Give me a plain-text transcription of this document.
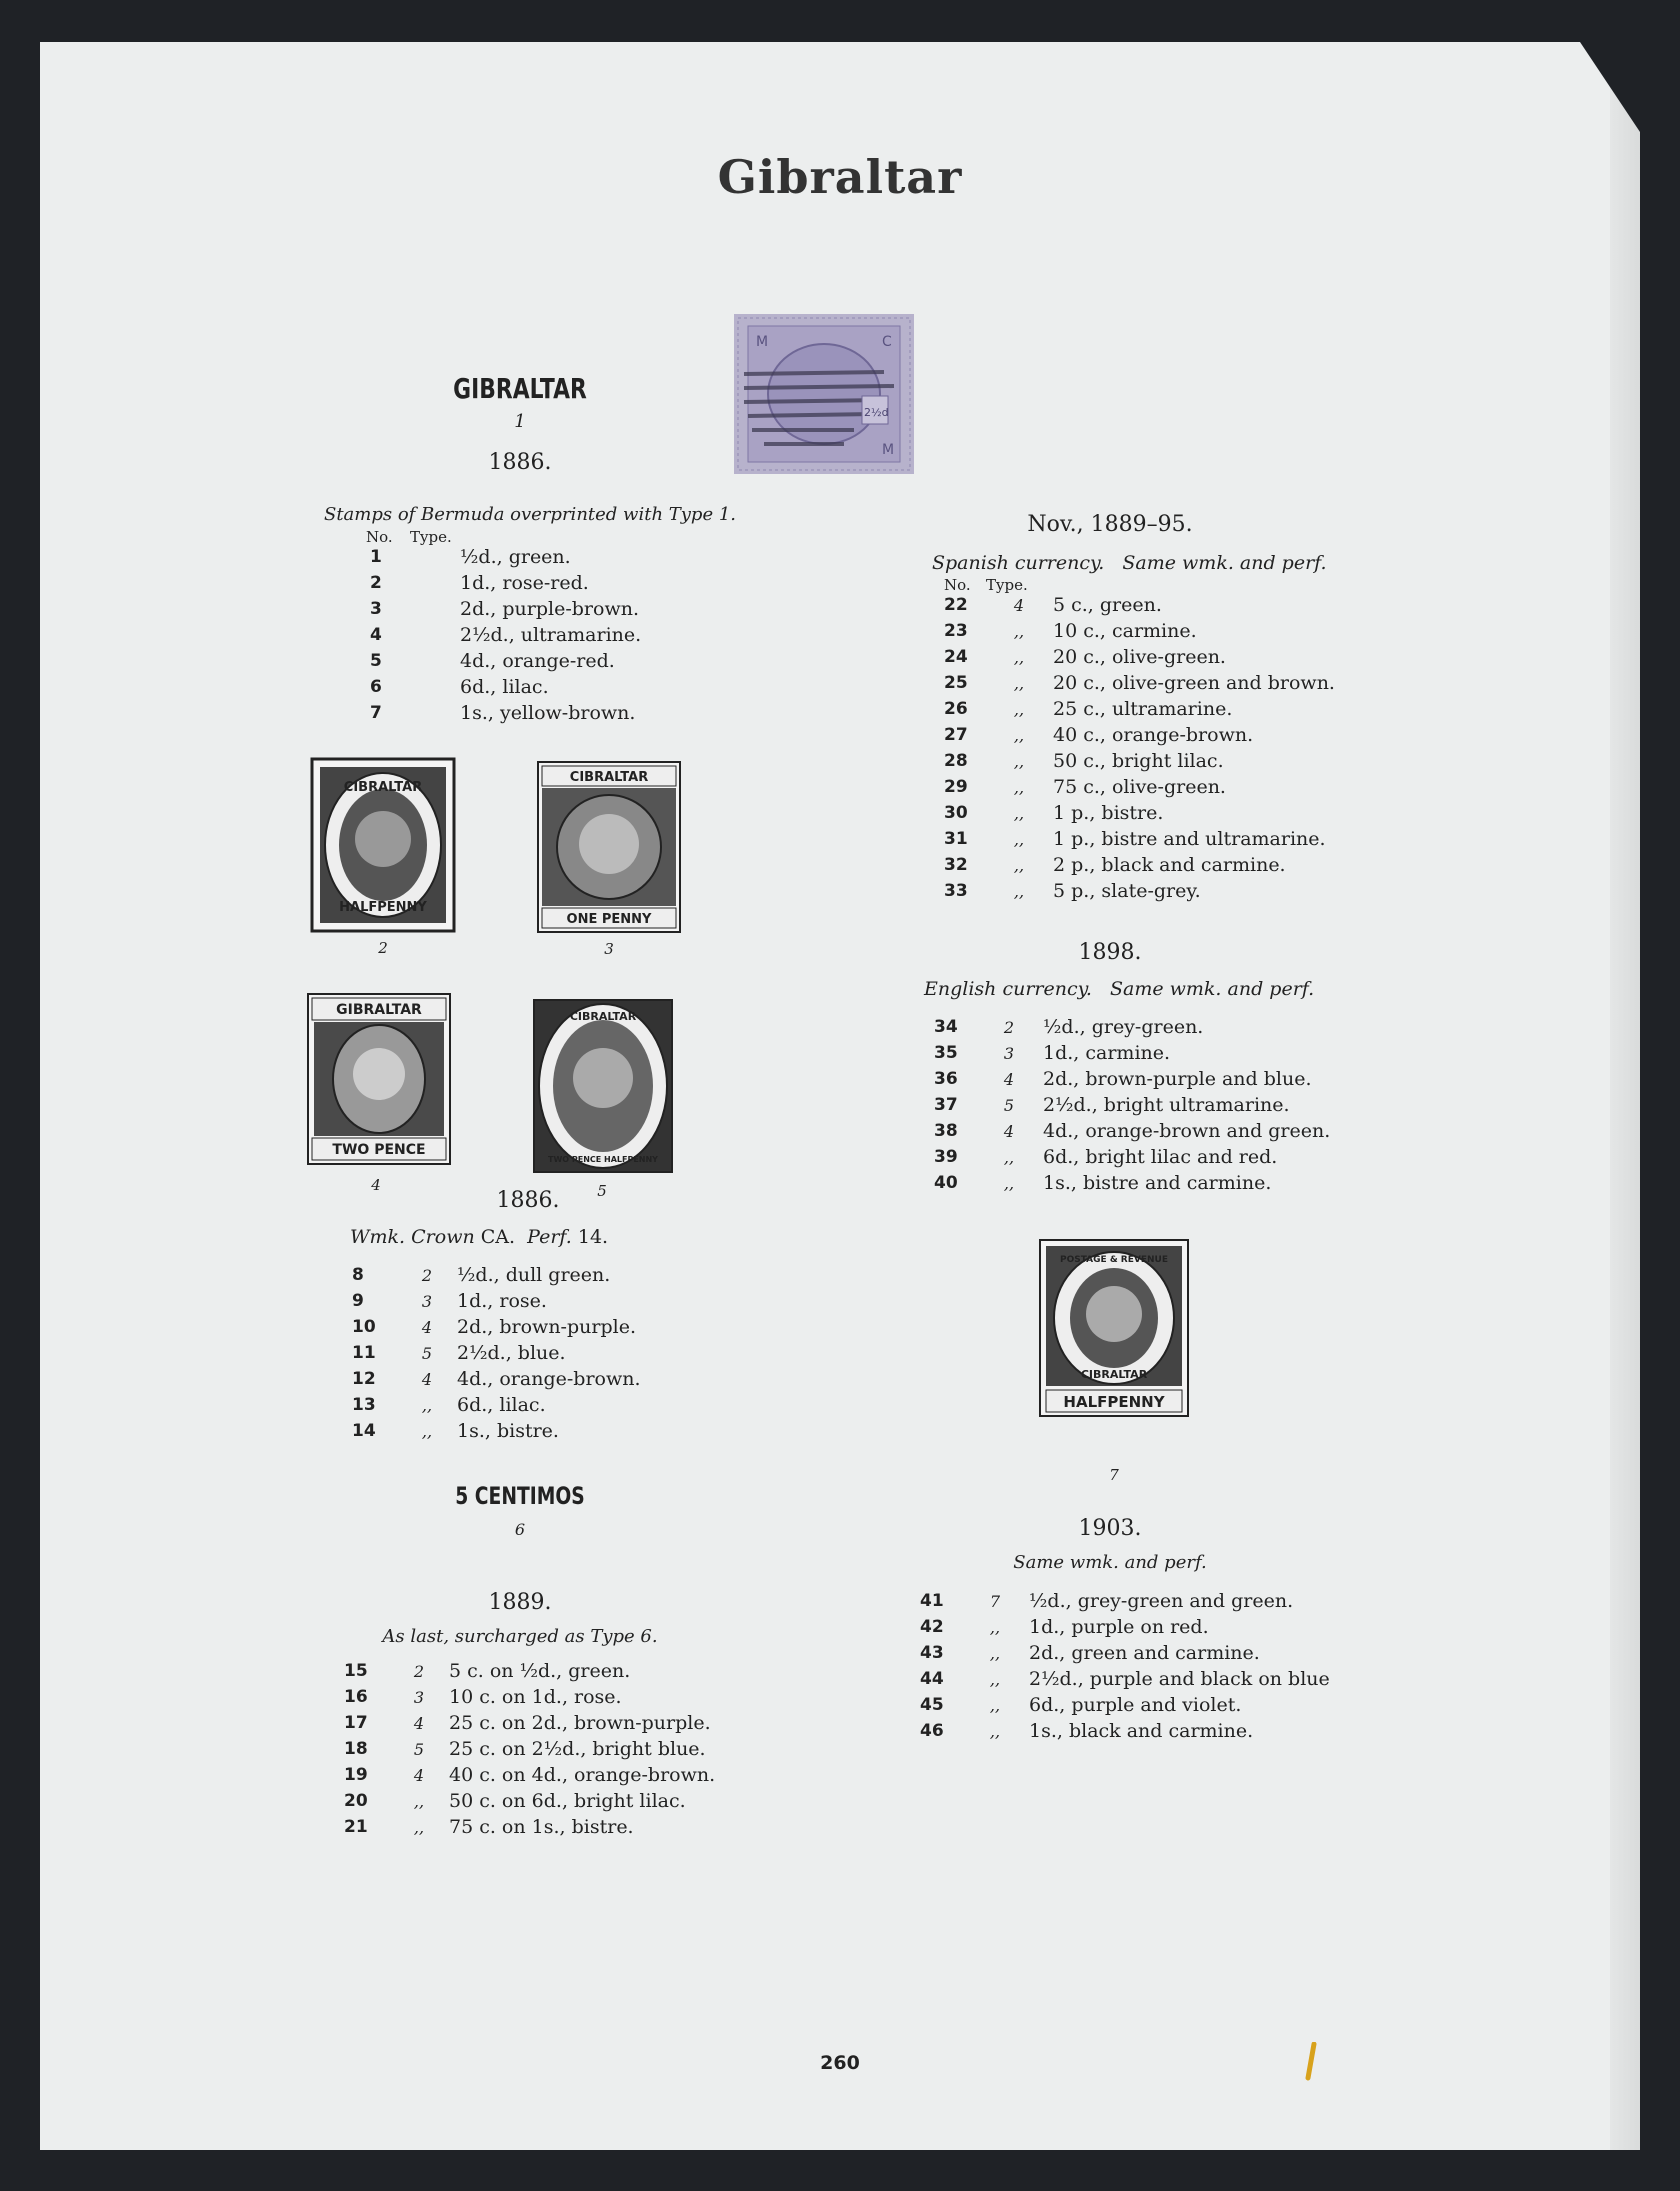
Gibraltar
M	C
M
2½d
GIBRALTAR
1
1886.
Stamps of Bermuda overprinted with Type 1.
No. Type.
1	½d., green.
2	1d., rose-red.
3	2d., purple-brown.
4	2½d., ultramarine.
5	4d., orange-red.
6	6d., lilac.
7	1s., yellow-brown.
CIBRALTAR
HALFPENNY
2
CIBRALTAR
ONE PENNY
3
GIBRALTAR
TWO PENCE
4
CIBRALTAR
TWO PENCE HALFPENNY
5
1886.
Wmk. Crown CA. Perf. 14.
8	2	½d., dull green.
9	3	1d., rose.
10	4	2d., brown-purple.
11	5	2½d., blue.
12	4	4d., orange-brown.
13	,,	6d., lilac.
14	,,	1s., bistre.
5 CENTIMOS
6
1889.
As last, surcharged as Type 6.
15	2	5 c. on ½d., green.
16	3	10 c. on 1d., rose.
17	4	25 c. on 2d., brown-purple.
18	5	25 c. on 2½d., bright blue.
19	4	40 c. on 4d., orange-brown.
20	,,	50 c. on 6d., bright lilac.
21	,,	75 c. on 1s., bistre.
Nov., 1889–95.
Spanish currency. Same wmk. and perf.
No. Type.
22	4	5 c., green.
23	,,	10 c., carmine.
24	,,	20 c., olive-green.
25	,,	20 c., olive-green and brown.
26	,,	25 c., ultramarine.
27	,,	40 c., orange-brown.
28	,,	50 c., bright lilac.
29	,,	75 c., olive-green.
30	,,	1 p., bistre.
31	,,	1 p., bistre and ultramarine.
32	,,	2 p., black and carmine.
33	,,	5 p., slate-grey.
1898.
English currency. Same wmk. and perf.
34	2	½d., grey-green.
35	3	1d., carmine.
36	4	2d., brown-purple and blue.
37	5	2½d., bright ultramarine.
38	4	4d., orange-brown and green.
39	,,	6d., bright lilac and red.
40	,,	1s., bistre and carmine.
POSTAGE & REVENUE
CIBRALTAR
HALFPENNY
7
1903.
Same wmk. and perf.
41	7	½d., grey-green and green.
42	,,	1d., purple on red.
43	,,	2d., green and carmine.
44	,,	2½d., purple and black on blue
45	,,	6d., purple and violet.
46	,,	1s., black and carmine.
260
